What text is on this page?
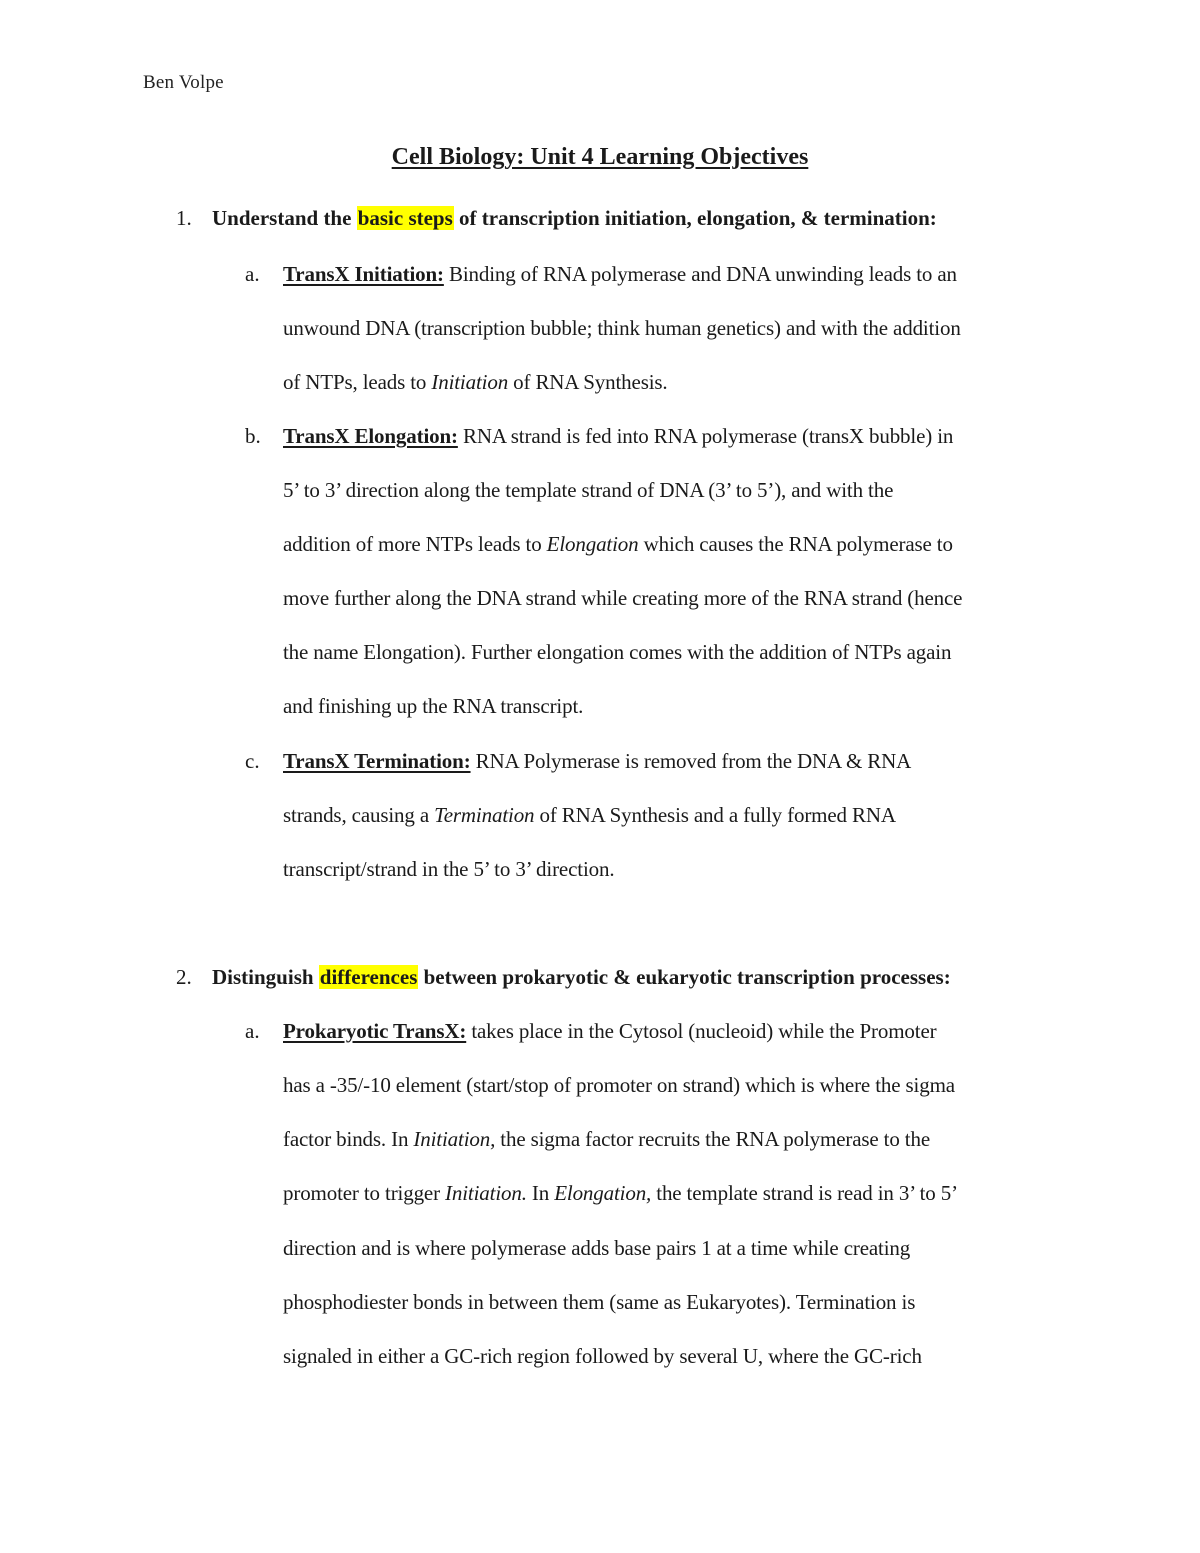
Ben Volpe
Cell Biology: Unit 4 Learning Objectives
1. Understand the basic steps of transcription initiation, elongation, & termination:
a. TransX Initiation: Binding of RNA polymerase and DNA unwinding leads to an
unwound DNA (transcription bubble; think human genetics) and with the addition
of NTPs, leads to Initiation of RNA Synthesis.
b. TransX Elongation: RNA strand is fed into RNA polymerase (transX bubble) in
5’ to 3’ direction along the template strand of DNA (3’ to 5’), and with the
addition of more NTPs leads to Elongation which causes the RNA polymerase to
move further along the DNA strand while creating more of the RNA strand (hence
the name Elongation). Further elongation comes with the addition of NTPs again
and finishing up the RNA transcript.
c. TransX Termination: RNA Polymerase is removed from the DNA & RNA
strands, causing a Termination of RNA Synthesis and a fully formed RNA
transcript/strand in the 5’ to 3’ direction.
2. Distinguish differences between prokaryotic & eukaryotic transcription processes:
a. Prokaryotic TransX: takes place in the Cytosol (nucleoid) while the Promoter
has a -35/-10 element (start/stop of promoter on strand) which is where the sigma
factor binds. In Initiation, the sigma factor recruits the RNA polymerase to the
promoter to trigger Initiation. In Elongation, the template strand is read in 3’ to 5’
direction and is where polymerase adds base pairs 1 at a time while creating
phosphodiester bonds in between them (same as Eukaryotes). Termination is
signaled in either a GC-rich region followed by several U, where the GC-rich
